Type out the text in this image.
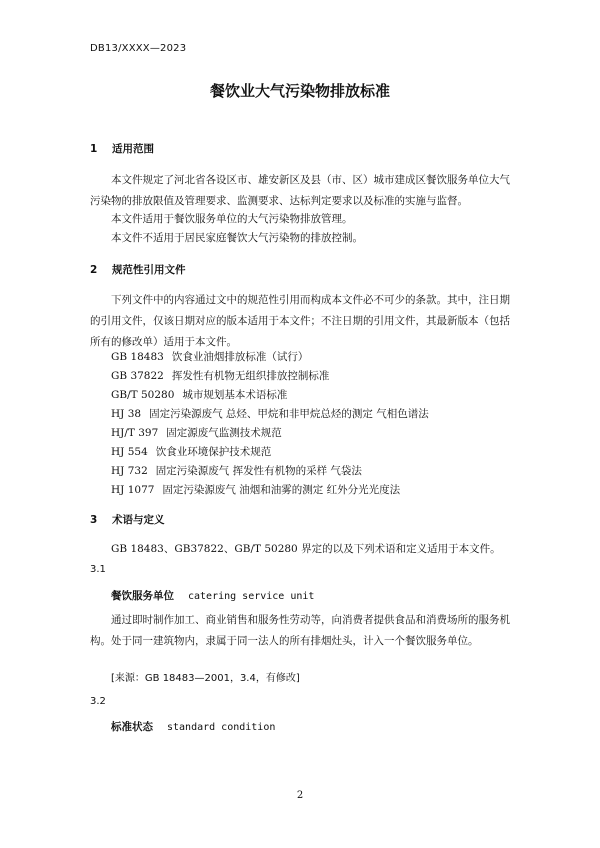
DB13/XXXX—2023
餐饮业大气污染物排放标准
1 适用范围
本文件规定了河北省各设区市、雄安新区及县（市、区）城市建成区餐饮服务单位大气污染物的排放限值及管理要求、监测要求、达标判定要求以及标准的实施与监督。
本文件适用于餐饮服务单位的大气污染物排放管理。
本文件不适用于居民家庭餐饮大气污染物的排放控制。
2 规范性引用文件
下列文件中的内容通过文中的规范性引用而构成本文件必不可少的条款。其中，注日期的引用文件，仅该日期对应的版本适用于本文件；不注日期的引用文件，其最新版本（包括所有的修改单）适用于本文件。
GB 18483 饮食业油烟排放标准（试行）
GB 37822 挥发性有机物无组织排放控制标准
GB/T 50280 城市规划基本术语标准
HJ 38 固定污染源废气 总烃、甲烷和非甲烷总烃的测定 气相色谱法
HJ/T 397 固定源废气监测技术规范
HJ 554 饮食业环境保护技术规范
HJ 732 固定污染源废气 挥发性有机物的采样 气袋法
HJ 1077 固定污染源废气 油烟和油雾的测定 红外分光光度法
3 术语与定义
GB 18483、GB37822、GB/T 50280 界定的以及下列术语和定义适用于本文件。
3.1
餐饮服务单位 catering service unit
通过即时制作加工、商业销售和服务性劳动等，向消费者提供食品和消费场所的服务机构。处于同一建筑物内，隶属于同一法人的所有排烟灶头，计入一个餐饮服务单位。
[来源：GB 18483—2001，3.4，有修改]
3.2
标准状态 standard condition
2
